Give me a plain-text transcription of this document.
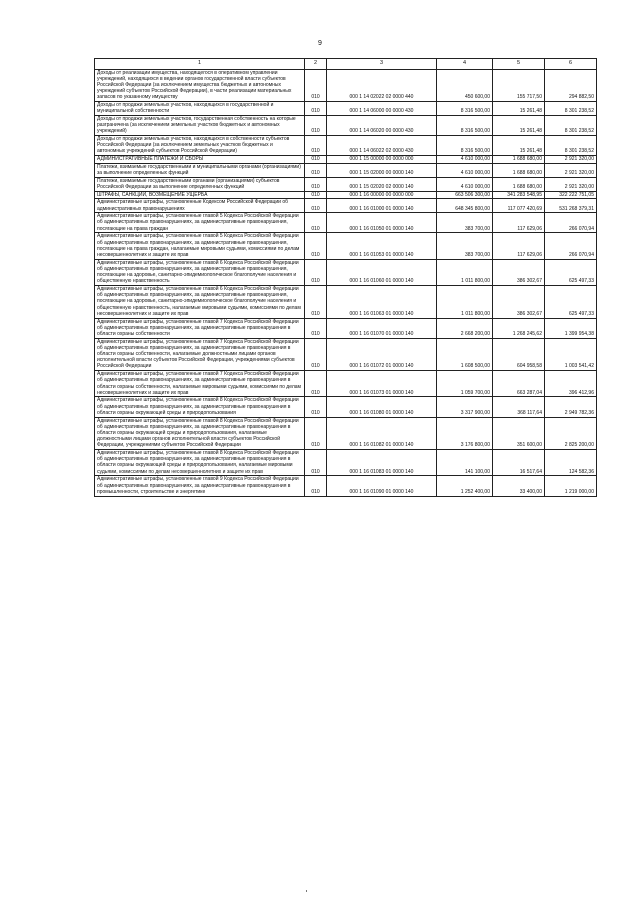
9
1	2	3	4	5	6
Доходы от реализации имущества, находящегося в оперативном управлении учреждений, находящихся в ведении органов государственной власти субъектов Российской Федерации (за исключением имущества бюджетных и автономных учреждений субъектов Российской Федерации), в части реализации материальных запасов по указанному имуществу	010	000 1 14 02022 02 0000 440	450 600,00	155 717,50	294 882,50
Доходы от продажи земельных участков, находящихся в государственной и муниципальной собственности	010	000 1 14 06000 00 0000 430	8 316 500,00	15 261,48	8 301 238,52
Доходы от продажи земельных участков, государственная собственность на которые разграничена (за исключением земельных участков бюджетных и автономных учреждений)	010	000 1 14 06020 00 0000 430	8 316 500,00	15 261,48	8 301 238,52
Доходы от продажи земельных участков, находящихся в собственности субъектов Российской Федерации (за исключением земельных участков бюджетных и автономных учреждений субъектов Российской Федерации)	010	000 1 14 06022 02 0000 430	8 316 500,00	15 261,48	8 301 238,52
АДМИНИСТРАТИВНЫЕ ПЛАТЕЖИ И СБОРЫ	010	000 1 15 00000 00 0000 000	4 610 000,00	1 688 680,00	2 921 320,00
Платежи, взимаемые государственными и муниципальными органами (организациями) за выполнение определенных функций	010	000 1 15 02000 00 0000 140	4 610 000,00	1 688 680,00	2 921 320,00
Платежи, взимаемые государственными органами (организациями) субъектов Российской Федерации за выполнение определенных функций	010	000 1 15 02020 02 0000 140	4 610 000,00	1 688 680,00	2 921 320,00
ШТРАФЫ, САНКЦИИ, ВОЗМЕЩЕНИЕ УЩЕРБА	010	000 1 16 00000 00 0000 000	663 506 300,00	341 283 548,95	322 222 751,05
Административные штрафы, установленные Кодексом Российской Федерации об административных правонарушениях	010	000 1 16 01000 01 0000 140	648 345 800,00	117 077 420,69	531 268 379,31
Административные штрафы, установленные главой 5 Кодекса Российской Федерации об административных правонарушениях, за административные правонарушения, посягающие на права граждан	010	000 1 16 01050 01 0000 140	383 700,00	117 629,06	266 070,94
Административные штрафы, установленные главой 5 Кодекса Российской Федерации об административных правонарушениях, за административные правонарушения, посягающие на права граждан, налагаемые мировыми судьями, комиссиями по делам несовершеннолетних и защите их прав	010	000 1 16 01053 01 0000 140	383 700,00	117 629,06	266 070,94
Административные штрафы, установленные главой 6 Кодекса Российской Федерации об административных правонарушениях, за административные правонарушения, посягающие на здоровье, санитарно-эпидемиологическое благополучие населения и общественную нравственность	010	000 1 16 01060 01 0000 140	1 011 800,00	386 302,67	625 497,33
Административные штрафы, установленные главой 6 Кодекса Российской Федерации об административных правонарушениях, за административные правонарушения, посягающие на здоровье, санитарно-эпидемиологическое благополучие населения и общественную нравственность, налагаемые мировыми судьями, комиссиями по делам несовершеннолетних и защите их прав	010	000 1 16 01063 01 0000 140	1 011 800,00	386 302,67	625 497,33
Административные штрафы, установленные главой 7 Кодекса Российской Федерации об административных правонарушениях, за административные правонарушения в области охраны собственности	010	000 1 16 01070 01 0000 140	2 668 200,00	1 268 245,62	1 399 954,38
Административные штрафы, установленные главой 7 Кодекса Российской Федерации об административных правонарушениях, за административные правонарушения в области охраны собственности, налагаемые должностными лицами органов исполнительной власти субъектов Российской Федерации, учреждениями субъектов Российской Федерации	010	000 1 16 01072 01 0000 140	1 608 500,00	604 958,58	1 003 541,42
Административные штрафы, установленные главой 7 Кодекса Российской Федерации об административных правонарушениях, за административные правонарушения в области охраны собственности, налагаемые мировыми судьями, комиссиями по делам несовершеннолетних и защите их прав	010	000 1 16 01073 01 0000 140	1 059 700,00	663 287,04	396 412,96
Административные штрафы, установленные главой 8 Кодекса Российской Федерации об административных правонарушениях, за административные правонарушения в области охраны окружающей среды и природопользования	010	000 1 16 01080 01 0000 140	3 317 900,00	368 117,64	2 949 782,36
Административные штрафы, установленные главой 8 Кодекса Российской Федерации об административных правонарушениях, за административные правонарушения в области охраны окружающей среды и природопользования, налагаемые должностными лицами органов исполнительной власти субъектов Российской Федерации, учреждениями субъектов Российской Федерации	010	000 1 16 01082 01 0000 140	3 176 800,00	351 600,00	2 825 200,00
Административные штрафы, установленные главой 8 Кодекса Российской Федерации об административных правонарушениях, за административные правонарушения в области охраны окружающей среды и природопользования, налагаемые мировыми судьями, комиссиями по делам несовершеннолетних и защите их прав	010	000 1 16 01083 01 0000 140	141 100,00	16 517,64	124 582,36
Административные штрафы, установленные главой 9 Кодекса Российской Федерации об административных правонарушениях, за административные правонарушения в промышленности, строительстве и энергетике	010	000 1 16 01090 01 0000 140	1 252 400,00	33 400,00	1 219 000,00
